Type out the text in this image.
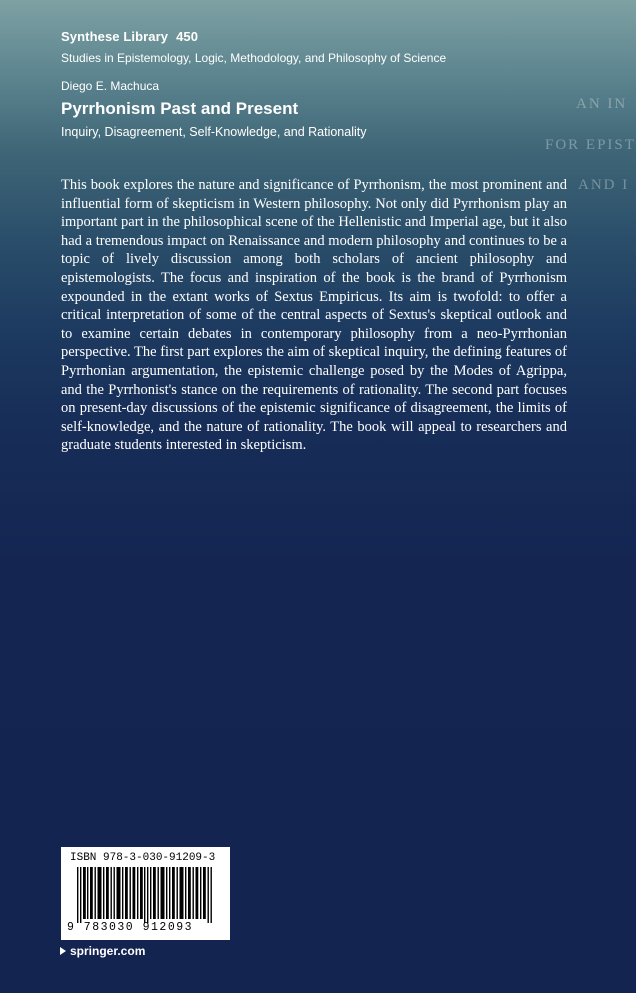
Synthese Library 450
Studies in Epistemology, Logic, Methodology, and Philosophy of Science
Diego E. Machuca
Pyrrhonism Past and Present
Inquiry, Disagreement, Self-Knowledge, and Rationality
AN IN
FOR EPIST
AND I

This book explores the nature and significance of Pyrrhonism, the most prominent and influential form of skepticism in Western philosophy. Not only did Pyrrhonism play an important part in the philosophical scene of the Hellenistic and Imperial age, but it also had a tremendous impact on Renaissance and modern philosophy and continues to be a topic of lively discussion among both scholars of ancient philosophy and epistemologists. The focus and inspiration of the book is the brand of Pyrrhonism expounded in the extant works of Sextus Empiricus. Its aim is twofold: to offer a critical interpretation of some of the central aspects of Sextus's skeptical outlook and to examine certain debates in contemporary philosophy from a neo-Pyrrhonian perspective. The first part explores the aim of skeptical inquiry, the defining features of Pyrrhonian argumentation, the epistemic challenge posed by the Modes of Agrippa, and the Pyrrhonist's stance on the requirements of rationality. The second part focuses on present-day discussions of the epistemic significance of disagreement, the limits of self-knowledge, and the nature of rationality. The book will appeal to researchers and graduate students interested in skepticism.

ISBN 978-3-030-91209-3
9 783030 912093
springer.com
